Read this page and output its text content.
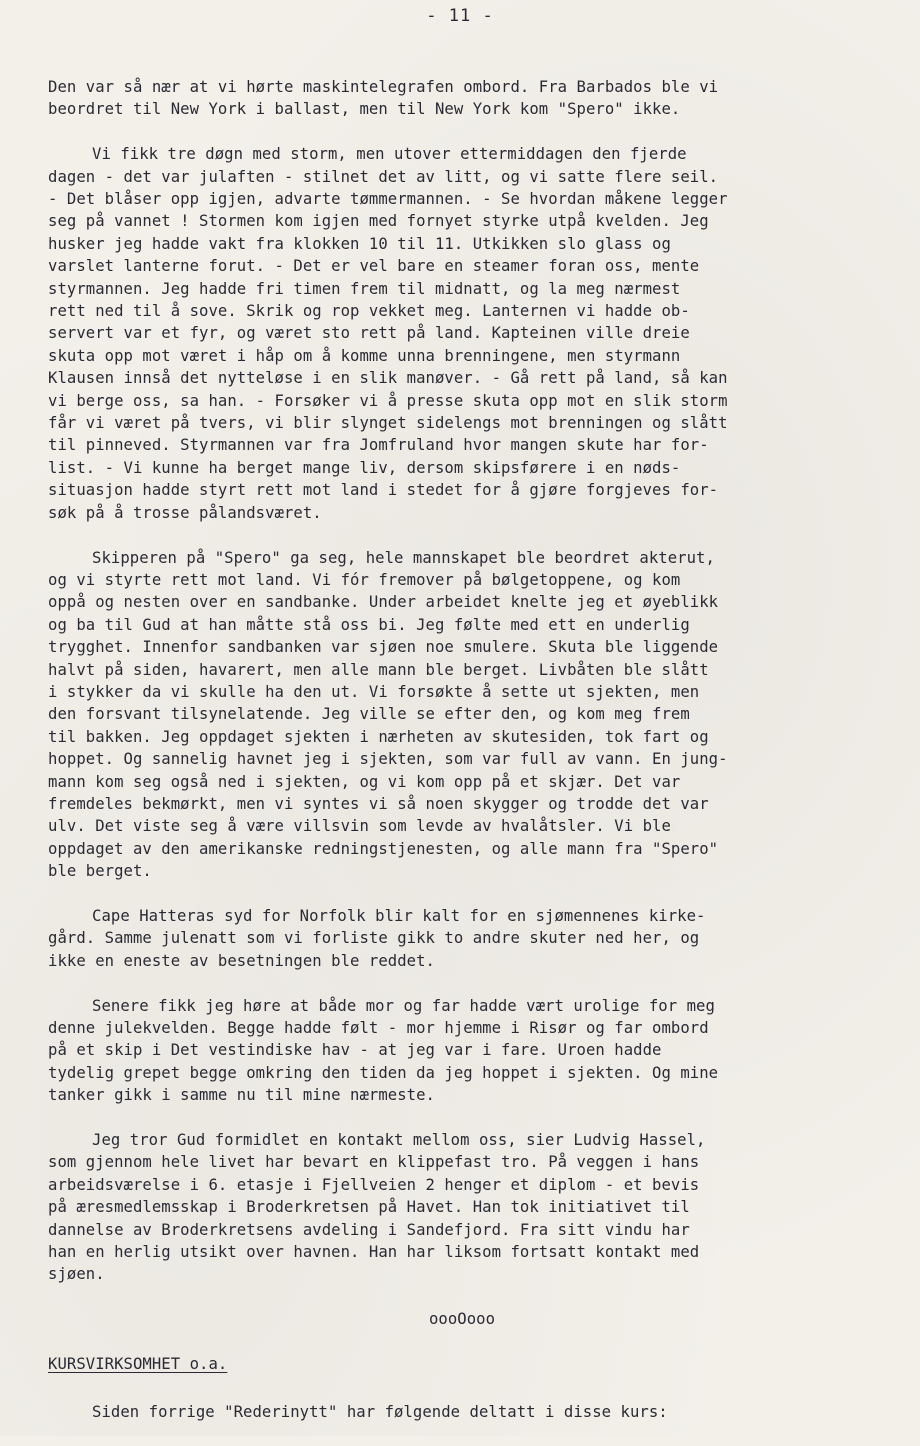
- 11 -
Den var så nær at vi hørte maskintelegrafen ombord. Fra Barbados ble vi
beordret til New York i ballast, men til New York kom "Spero" ikke.
Vi fikk tre døgn med storm, men utover ettermiddagen den fjerde
dagen - det var julaften - stilnet det av litt, og vi satte flere seil.
- Det blåser opp igjen, advarte tømmermannen. - Se hvordan måkene legger
seg på vannet ! Stormen kom igjen med fornyet styrke utpå kvelden. Jeg
husker jeg hadde vakt fra klokken 10 til 11. Utkikken slo glass og
varslet lanterne forut. - Det er vel bare en steamer foran oss, mente
styrmannen. Jeg hadde fri timen frem til midnatt, og la meg nærmest
rett ned til å sove. Skrik og rop vekket meg. Lanternen vi hadde ob-
servert var et fyr, og været sto rett på land. Kapteinen ville dreie
skuta opp mot været i håp om å komme unna brenningene, men styrmann
Klausen innså det nytteløse i en slik manøver. - Gå rett på land, så kan
vi berge oss, sa han. - Forsøker vi å presse skuta opp mot en slik storm
får vi været på tvers, vi blir slynget sidelengs mot brenningen og slått
til pinneved. Styrmannen var fra Jomfruland hvor mangen skute har for-
list. - Vi kunne ha berget mange liv, dersom skipsførere i en nøds-
situasjon hadde styrt rett mot land i stedet for å gjøre forgjeves for-
søk på å trosse pålandsværet.
Skipperen på "Spero" ga seg, hele mannskapet ble beordret akterut,
og vi styrte rett mot land. Vi fór fremover på bølgetoppene, og kom
oppå og nesten over en sandbanke. Under arbeidet knelte jeg et øyeblikk
og ba til Gud at han måtte stå oss bi. Jeg følte med ett en underlig
trygghet. Innenfor sandbanken var sjøen noe smulere. Skuta ble liggende
halvt på siden, havarert, men alle mann ble berget. Livbåten ble slått
i stykker da vi skulle ha den ut. Vi forsøkte å sette ut sjekten, men
den forsvant tilsynelatende. Jeg ville se efter den, og kom meg frem
til bakken. Jeg oppdaget sjekten i nærheten av skutesiden, tok fart og
hoppet. Og sannelig havnet jeg i sjekten, som var full av vann. En jung-
mann kom seg også ned i sjekten, og vi kom opp på et skjær. Det var
fremdeles bekmørkt, men vi syntes vi så noen skygger og trodde det var
ulv. Det viste seg å være villsvin som levde av hvalåtsler. Vi ble
oppdaget av den amerikanske redningstjenesten, og alle mann fra "Spero"
ble berget.
Cape Hatteras syd for Norfolk blir kalt for en sjømennenes kirke-
gård. Samme julenatt som vi forliste gikk to andre skuter ned her, og
ikke en eneste av besetningen ble reddet.
Senere fikk jeg høre at både mor og far hadde vært urolige for meg
denne julekvelden. Begge hadde følt - mor hjemme i Risør og far ombord
på et skip i Det vestindiske hav - at jeg var i fare. Uroen hadde
tydelig grepet begge omkring den tiden da jeg hoppet i sjekten. Og mine
tanker gikk i samme nu til mine nærmeste.
Jeg tror Gud formidlet en kontakt mellom oss, sier Ludvig Hassel,
som gjennom hele livet har bevart en klippefast tro. På veggen i hans
arbeidsværelse i 6. etasje i Fjellveien 2 henger et diplom - et bevis
på æresmedlemsskap i Broderkretsen på Havet. Han tok initiativet til
dannelse av Broderkretsens avdeling i Sandefjord. Fra sitt vindu har
han en herlig utsikt over havnen. Han har liksom fortsatt kontakt med
sjøen.
oooOooo
KURSVIRKSOMHET o.a.
Siden forrige "Rederinytt" har følgende deltatt i disse kurs:
